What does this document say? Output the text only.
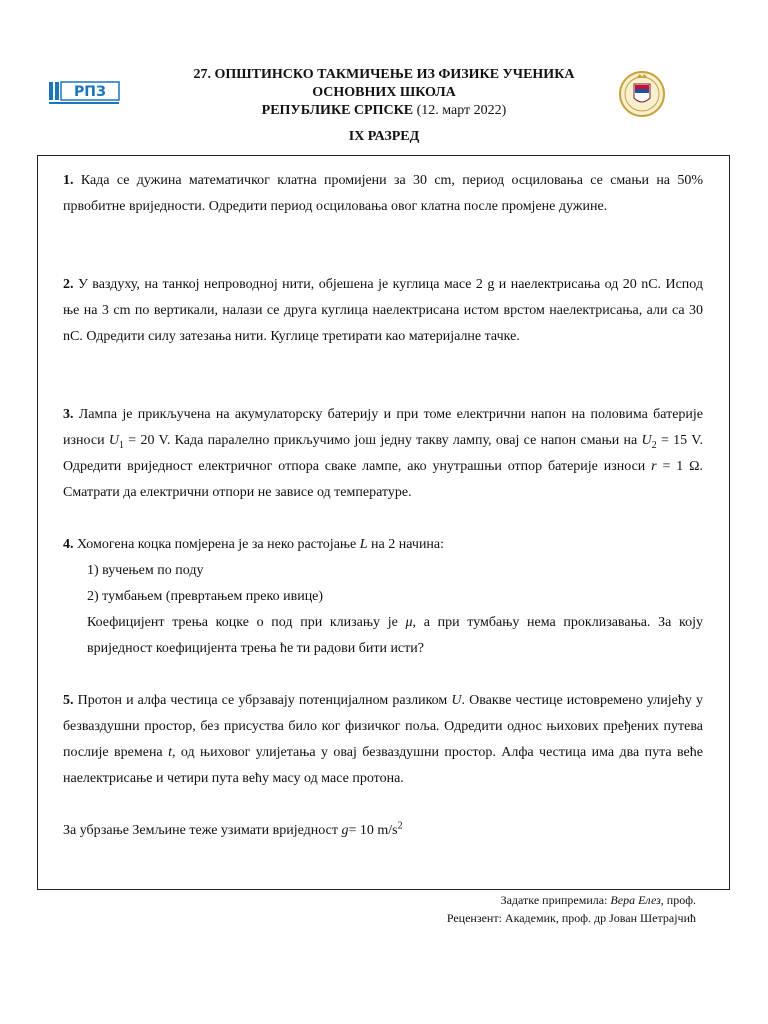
РПЗ
27. ОПШТИНСКО ТАКМИЧЕЊЕ ИЗ ФИЗИКЕ УЧЕНИКА
ОСНОВНИХ ШКОЛА
РЕПУБЛИКЕ СРПСКЕ (12. март 2022)
IX РАЗРЕД

1. Када се дужина математичког клатна промијени за 30 cm, период осциловања се смањи на 50% првобитне вриједности. Одредити период осциловања овог клатна после промјене дужине.

2. У ваздуху, на танкој непроводној нити, објешена је куглица масе 2 g и наелектрисања од 20 nC. Испод ње на 3 cm по вертикали, налази се друга куглица наелектрисана истом врстом наелектрисања, али са 30 nC. Одредити силу затезања нити. Куглице третирати као материјалне тачке.

3. Лампа је прикључена на акумулаторску батерију и при томе електрични напон на половима батерије износи $U_1 = 20$ V. Када паралелно прикључимо још једну такву лампу, овај се напон смањи на $U_2 = 15$ V. Одредити вриједност електричног отпора сваке лампе, ако унутрашњи отпор батерије износи r = 1 Ω. Сматрати да електрични отпори не зависе од температуре.

4. Хомогена коцка помјерена је за неко растојање L на 2 начина:

1) вучењем по поду
2) тумбањем (превртањем преко ивице)

Коефицијент трења коцке о под при клизању је μ, а при тумбању нема проклизавања. За коју вриједност коефицијента трења ће ти радови бити исти?

5. Протон и алфа честица се убрзавају потенцијалном разликом U. Овакве честице истовремено улијећу у безваздушни простор, без присуства било ког физичког поља. Одредити однос њихових пређених путева послије времена t, од њиховог улијетања у овај безваздушни простор. Алфа честица има два пута веће наелектрисање и четири пута већу масу од масе протона.

За убрзање Земљине теже узимати вриједност g= 10 $m/s^2$

Задатке припремила: Вера Елез, проф.
Рецензент: Академик, проф. др Јован Шетрајчић
